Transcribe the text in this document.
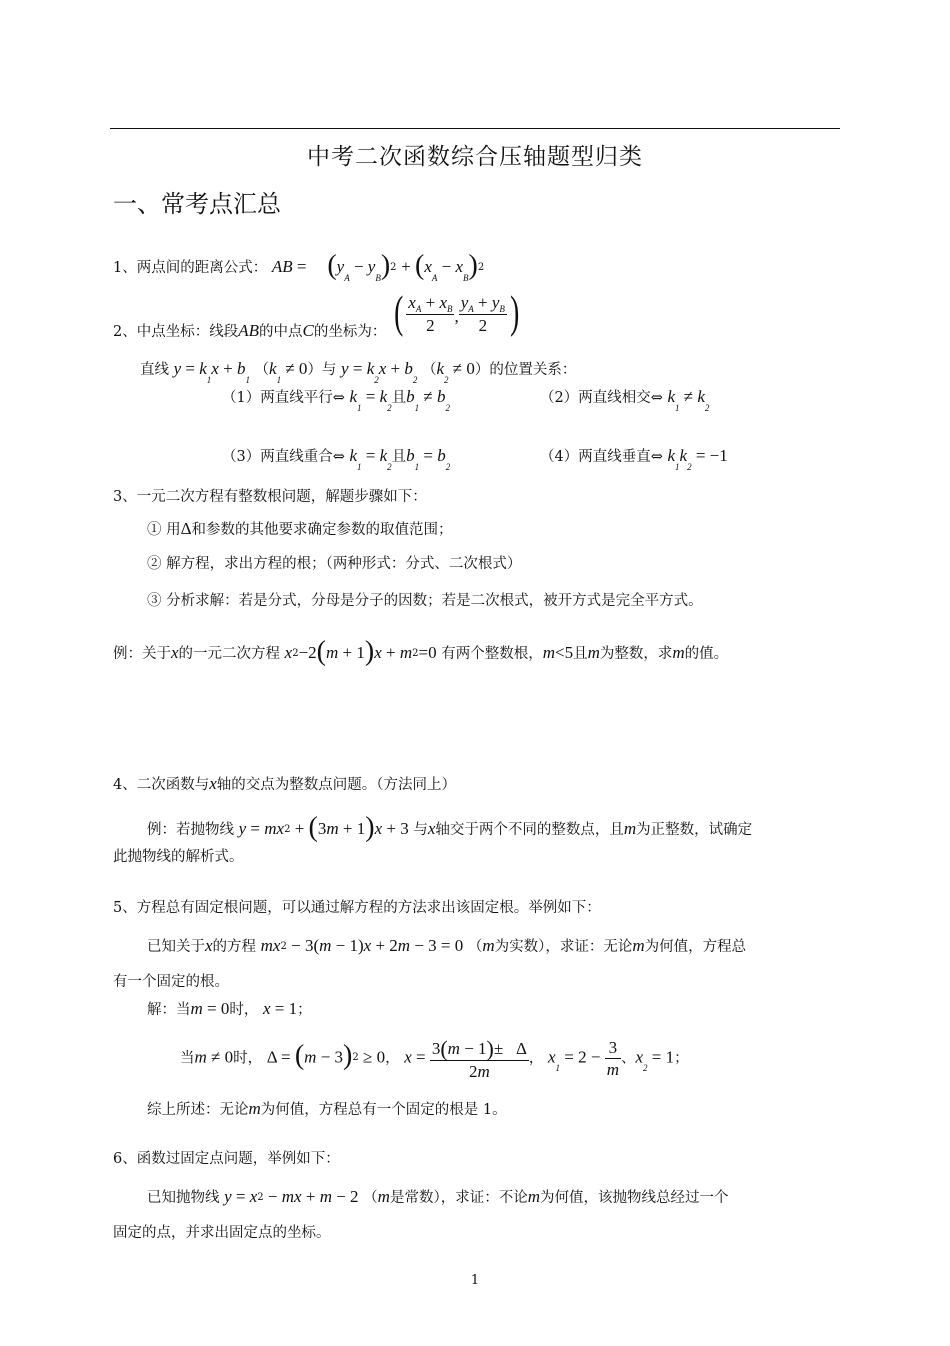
中考二次函数综合压轴题型归类
一、常考点汇总
1、两点间的距离公式： AB =  $(y_A - y_B)2 + (x_A - x_B)2$
2、中点坐标：线段AB的中点C的坐标为： ( $\frac{x_A + x_B}{2}$ , $\frac{y_A + y_B}{2}$ )
直线 $y = k_1x + b_1$ $(k_1 \ne 0)$与 $y = k_2x + b_2$ $(k_2 \ne 0)$的位置关系：
（1）两直线平行⇔ $k_1 = k_2$且$b_1 \ne b_2$
（2）两直线相交⇔ $k_1 \ne k_2$
（3）两直线重合⇔ $k_1 = k_2$且$b_1 = b_2$
（4）两直线垂直⇔ $k_1k_2 = -1$
3、一元二次方程有整数根问题，解题步骤如下：
① 用Δ和参数的其他要求确定参数的取值范围；
② 解方程，求出方程的根；（两种形式：分式、二次根式）
③ 分析求解：若是分式，分母是分子的因数；若是二次根式，被开方式是完全平方式。
例：关于x的一元二次方程 x2−2(m + 1)x + m2=0 有两个整数根，m<5且m为整数，求m的值。
4、二次函数与x轴的交点为整数点问题。（方法同上）
例：若抛物线 y = mx2 + (3m + 1)x + 3 与x轴交于两个不同的整数点，且m为正整数，试确定
此抛物线的解析式。
5、方程总有固定根问题，可以通过解方程的方法求出该固定根。举例如下：
已知关于x的方程 mx2 − 3(m − 1)x + 2m − 3 = 0 （m为实数），求证：无论m为何值，方程总
有一个固定的根。
解：当m = 0时， x = 1；
当m ≠ 0时， Δ = (m − 3)2 ≥ 0， $x = \frac{3(m - 1)\pm \Delta}{2m}$ ， $x_1 = 2 - \frac{3}{m}$ 、$x_2 = 1$；
综上所述：无论m为何值，方程总有一个固定的根是 1。
6、函数过固定点问题，举例如下：
已知抛物线 y = x2 − mx + m − 2 （m是常数），求证：不论m为何值，该抛物线总经过一个
固定的点，并求出固定点的坐标。
1
